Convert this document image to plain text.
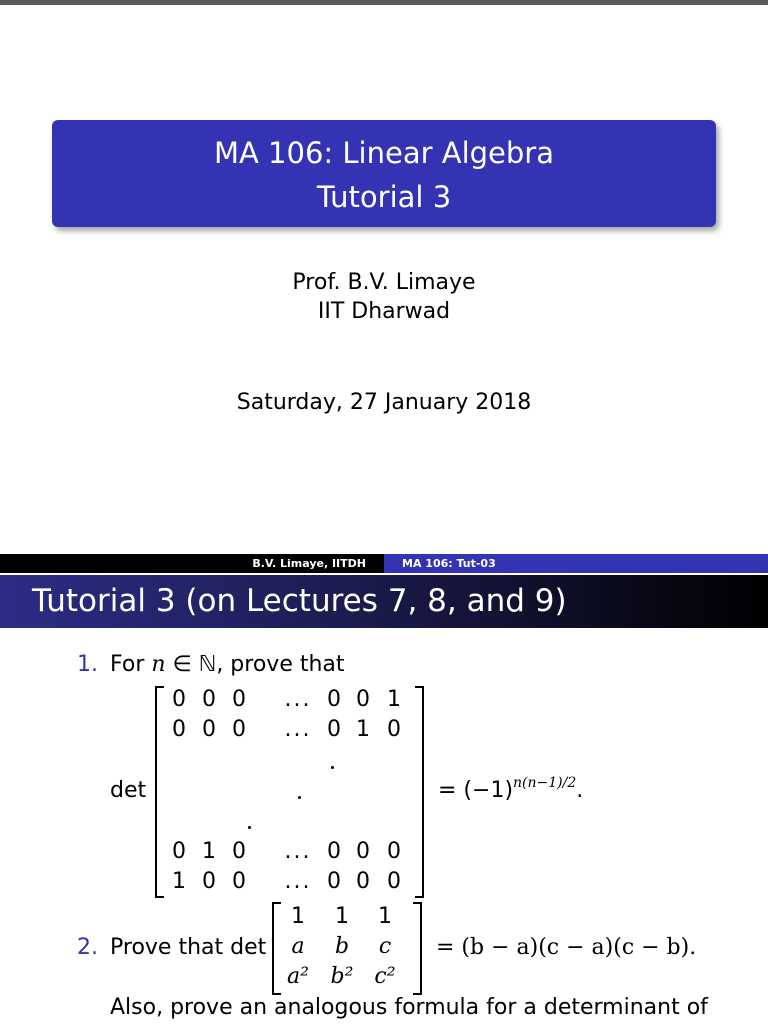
MA 106: Linear Algebra
Tutorial 3
Prof. B.V. Limaye
IIT Dharwad
Saturday, 27 January 2018
B.V. Limaye, IITDH	MA 106: Tut-03
Tutorial 3 (on Lectures 7, 8, and 9)
1. For n ∈ ℕ, prove that
det
0 0 0 ... 0 0 1
0 0 0 ... 0 1 0
0 1 0 ... 0 0 0
1 0 0 ... 0 0 0
= $(-1)^{n(n-1)/2}$.
2. Prove that det
1 1 1
a b c
a² b² c²
= (b − a)(c − a)(c − b).
Also, prove an analogous formula for a determinant of
